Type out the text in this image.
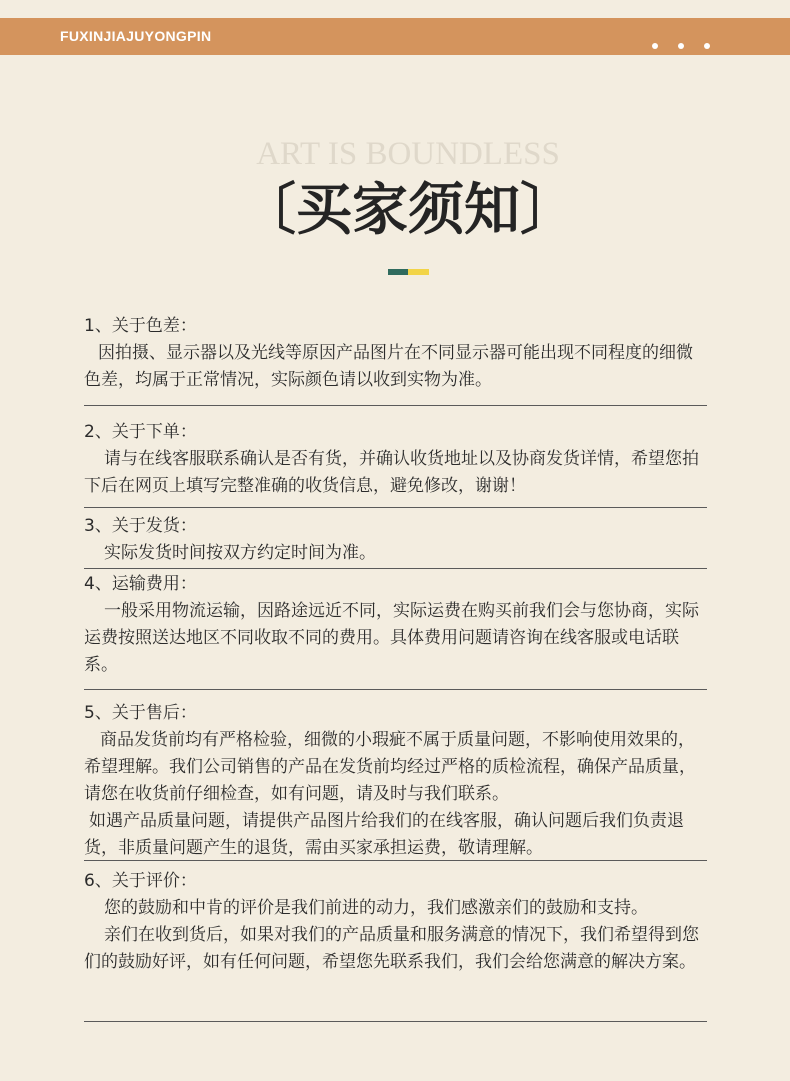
FUXINJIAJUYONGPIN
ART IS BOUNDLESS
〔买家须知〕
1、关于色差：
因拍摄、显示器以及光线等原因产品图片在不同显示器可能出现不同程度的细微色差，均属于正常情况，实际颜色请以收到实物为准。
2、关于下单：
请与在线客服联系确认是否有货，并确认收货地址以及协商发货详情，希望您拍下后在网页上填写完整准确的收货信息，避免修改，谢谢！
3、关于发货：
实际发货时间按双方约定时间为准。
4、运输费用：
一般采用物流运输，因路途远近不同，实际运费在购买前我们会与您协商，实际运费按照送达地区不同收取不同的费用。具体费用问题请咨询在线客服或电话联系。
5、关于售后：
商品发货前均有严格检验，细微的小瑕疵不属于质量问题，不影响使用效果的，希望理解。我们公司销售的产品在发货前均经过严格的质检流程，确保产品质量，请您在收货前仔细检查，如有问题，请及时与我们联系。
如遇产品质量问题，请提供产品图片给我们的在线客服，确认问题后我们负责退货，非质量问题产生的退货，需由买家承担运费，敬请理解。
6、关于评价：
您的鼓励和中肯的评价是我们前进的动力，我们感激亲们的鼓励和支持。
亲们在收到货后，如果对我们的产品质量和服务满意的情况下，我们希望得到您们的鼓励好评，如有任何问题，希望您先联系我们，我们会给您满意的解决方案。
